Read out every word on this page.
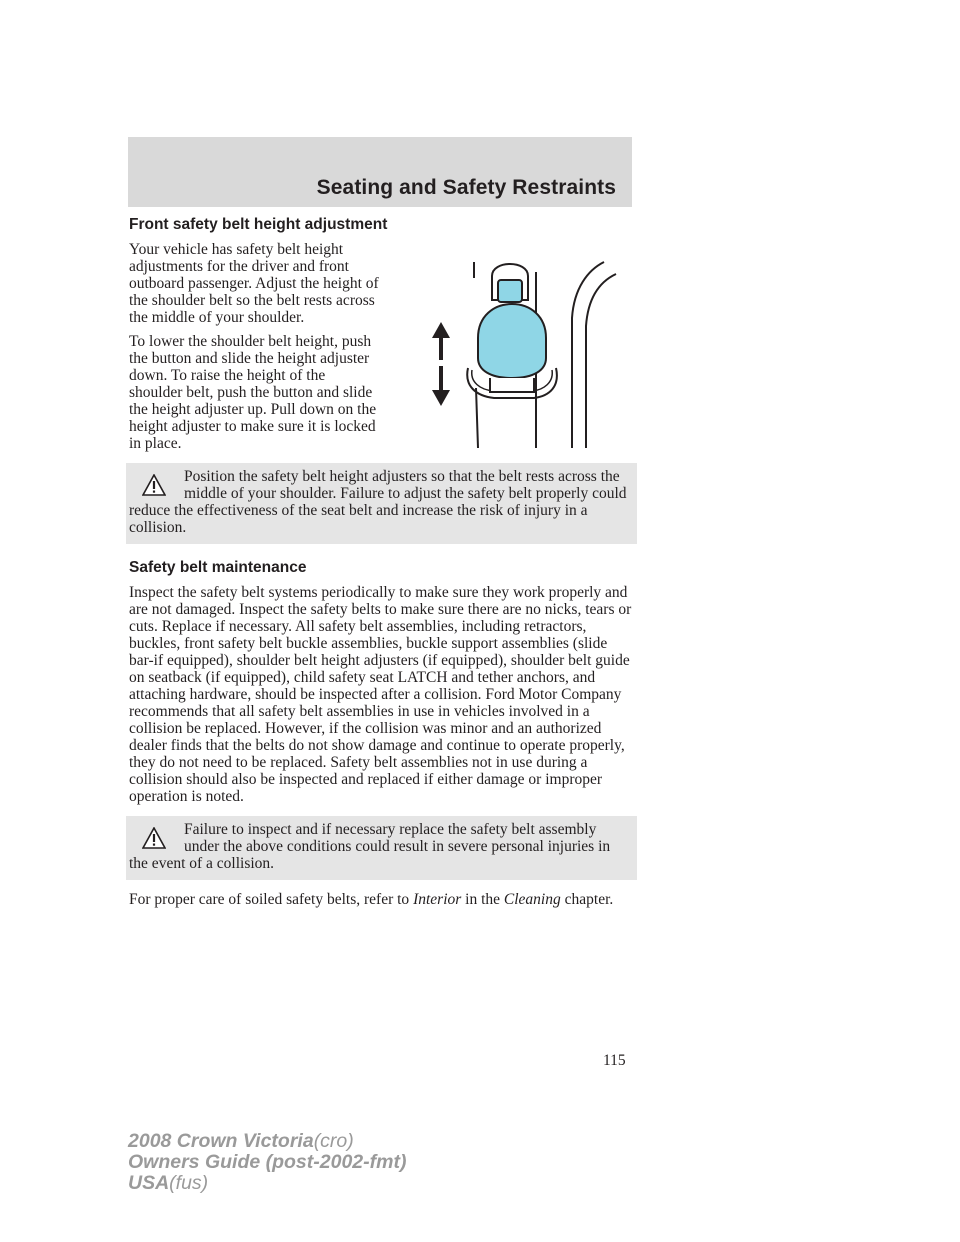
Seating and Safety Restraints
Front safety belt height adjustment

Your vehicle has safety belt height adjustments for the driver and front outboard passenger. Adjust the height of the shoulder belt so the belt rests across the middle of your shoulder.

To lower the shoulder belt height, push the button and slide the height adjuster down. To raise the height of the shoulder belt, push the button and slide the height adjuster up. Pull down on the height adjuster to make sure it is locked in place.

Position the safety belt height adjusters so that the belt rests across the middle of your shoulder. Failure to adjust the safety belt properly could reduce the effectiveness of the seat belt and increase the risk of injury in a collision.

Safety belt maintenance

Inspect the safety belt systems periodically to make sure they work properly and are not damaged. Inspect the safety belts to make sure there are no nicks, tears or cuts. Replace if necessary. All safety belt assemblies, including retractors, buckles, front safety belt buckle assemblies, buckle support assemblies (slide bar-if equipped), shoulder belt height adjusters (if equipped), shoulder belt guide on seatback (if equipped), child safety seat LATCH and tether anchors, and attaching hardware, should be inspected after a collision. Ford Motor Company recommends that all safety belt assemblies in use in vehicles involved in a collision be replaced. However, if the collision was minor and an authorized dealer finds that the belts do not show damage and continue to operate properly, they do not need to be replaced. Safety belt assemblies not in use during a collision should also be inspected and replaced if either damage or improper operation is noted.

Failure to inspect and if necessary replace the safety belt assembly under the above conditions could result in severe personal injuries in the event of a collision.

For proper care of soiled safety belts, refer to Interior in the Cleaning chapter.

115

2008 Crown Victoria(cro)
Owners Guide (post-2002-fmt)
USA(fus)
